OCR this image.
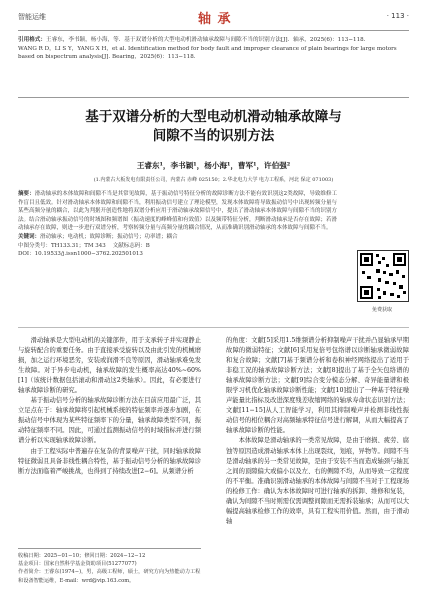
智能运维	轴 承	· 113 ·
引用格式：王睿东，李书颖，杨小海，等．基于双谱分析的大型电动机滑动轴承故障与间隙不当的识别方法[J]．轴承，2025(6)：113−118.
WANG R D，LI S Y，YANG X H，et al. Identification method for body fault and improper clearance of plain bearings for large motors based on bispectrum analysis[J]. Bearing，2025(6)：113−118.
基于双谱分析的大型电动机滑动轴承故障与
间隙不当的识别方法
王睿东¹，李书颖¹，杨小海¹，曹军¹，许伯强²
(1.内蒙古大板发电有限责任公司，内蒙古 赤峰 025150；2.华北电力大学 电力工程系，河北 保定 071003)
摘要：滑动轴承的本体故障和间隙不当是其常见故障，基于振动信号特征分析的故障诊断方法不能有效识别这2类故障，导致维修工作盲目且低效。针对滑动轴承本体故障和间隙不当，利用振动信号建立了理论模型，发现本体故障将导致振动信号中出现转频分量与某些高频分量的耦合，以此为判据开创造性地将双谱分析应用于滑动轴承故障信号中，提出了滑动轴承本体故障与间隙不当的识别方法。结合滑动轴承振动信号的时域图和频谱图（振动速度的峰峰值和有效值）以及频带特征分析，判断滑动轴承是否存在故障；若滑动轴承存在故障，则进一步进行双谱分析，考察转频分量与高频分量的耦合情况，从而准确识别滑动轴承的本体故障与间隙不当。
关键词：滑动轴承；电动机；故障诊断；振动信号；功率谱；耦合
中图分类号：TH133.31；TM 343 文献标志码：B
DOI：10.19533/j.issn1000−3762.202501013
免费获取

滑动轴承是大型电动机的关键部件，用于支承转子并实现静止与旋转配合的重要任务。由于直接承受旋转以及由此引发的机械磨损，加之运行环境恶劣，安装或润滑不良等原因，滑动轴承难免发生故障。对于异步电动机，轴承故障的发生概率高达40%~60%[1]（该统计数据包括滚动和滑动这2类轴承）。因此，有必要进行轴承故障诊断的研究。

基于振动信号分析的轴承故障诊断方法在目前应用最广泛，其立足点在于：轴承故障将引起机械系统的特征频率并逐步加剧，在振动信号中体现为某些特征频率下的分量，轴承故障类型不同，振动特征频率不同。因此，可通过监测振动信号的时域指标并进行频谱分析以实现轴承故障诊断。

由于工程实际中普遍存在复杂的背景噪声干扰，同时轴承故障特征微弱且具备非线性耦合特性，基于振动信号分析的轴承故障诊断方法面临着严峻挑战，也得到了持续改进[2−6]。从频谱分析

的角度：文献[5]采用1.5维频谱分析抑制噪声干扰并凸显轴承早期故障的微弱特征；文献[6]采用复倍号包络谱以诊断轴承微弱故障和复合故障；文献[7]基于频谱分析和卷积神经网络提出了适用于非稳工况的轴承故障诊断方法；文献[8]提出了基于全矢包络谱的轴承故障诊断方法；文献[9]综合变分模态分解、奇异能量谱和极限学习机优化轴承故障诊断性能；文献[10]提出了一种基于特征噪声能量比指标及改进深度残差收缩网络的轴承寿命状态识别方法；文献[11−15]从人工智能学习，利用其抑制噪声并检测非线性振动信号的相位耦合对高频轴承特征信号进行解调，从而大幅提高了轴承故障诊断的性能。

本体故障是滑动轴承的一类常见故障，是由于磨损、疲劳、腐蚀等原因造成滑动轴承本体上出现裂纹，划痕，异物等。间隙不当是滑动轴承的另一类常见故障，是由于安装不当而造成轴颈与轴瓦之间的顶隙偏大或偏小以及左、右的侧隙不均，从而导致一定程度的不平衡。准确识别滑动轴承的本体故障与间隙不当对于工程现场的检修工作：确认为本体故障时可进行轴承的拆卸、维修和复装，确认为间隙不当时则需仅需调整间隙而无需拆装轴承；从而可以大幅提高轴承检修工作的效率，具有工程实用价值。然而，由于滑动轴

收稿日期：2025−01−10；修回日期：2024−12−12
基金项目：国家自然科学基金资助项目(51277077)
作者简介：王睿东(1974−)，男，高级工程师，硕士，研究方向为热能动力工程和设备智能运维，E-mail：wrd@vip.163.com。
